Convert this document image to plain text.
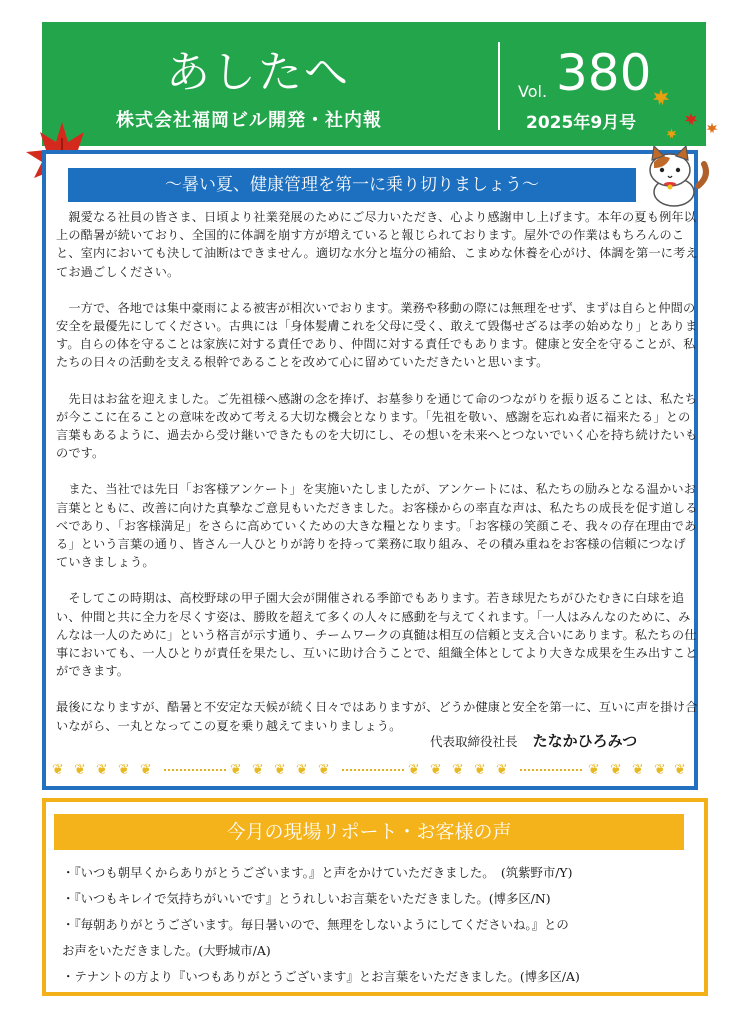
あしたへ
株式会社福岡ビル開発・社内報
Vol. 380
2025年9月号
～暑い夏、健康管理を第一に乗り切りましょう～

　親愛なる社員の皆さま、日頃より社業発展のためにご尽力いただき、心より感謝申し上げます。本年の夏も例年以上の酷暑が続いており、全国的に体調を崩す方が増えていると報じられております。屋外での作業はもちろんのこと、室内においても決して油断はできません。適切な水分と塩分の補給、こまめな休養を心がけ、体調を第一に考えてお過ごしください。

　一方で、各地では集中豪雨による被害が相次いでおります。業務や移動の際には無理をせず、まずは自らと仲間の安全を最優先にしてください。古典には「身体髪膚これを父母に受く、敢えて毀傷せざるは孝の始めなり」とあります。自らの体を守ることは家族に対する責任であり、仲間に対する責任でもあります。健康と安全を守ることが、私たちの日々の活動を支える根幹であることを改めて心に留めていただきたいと思います。

　先日はお盆を迎えました。ご先祖様へ感謝の念を捧げ、お墓参りを通じて命のつながりを振り返ることは、私たちが今ここに在ることの意味を改めて考える大切な機会となります。「先祖を敬い、感謝を忘れぬ者に福来たる」との言葉もあるように、過去から受け継いできたものを大切にし、その想いを未来へとつないでいく心を持ち続けたいものです。

　また、当社では先日「お客様アンケート」を実施いたしましたが、アンケートには、私たちの励みとなる温かいお言葉とともに、改善に向けた真摯なご意見もいただきました。お客様からの率直な声は、私たちの成長を促す道しるべであり、「お客様満足」をさらに高めていくための大きな糧となります。「お客様の笑顔こそ、我々の存在理由である」という言葉の通り、皆さん一人ひとりが誇りを持って業務に取り組み、その積み重ねをお客様の信頼につなげていきましょう。

　そしてこの時期は、高校野球の甲子園大会が開催される季節でもあります。若き球児たちがひたむきに白球を追い、仲間と共に全力を尽くす姿は、勝敗を超えて多くの人々に感動を与えてくれます。「一人はみんなのために、みんなは一人のために」という格言が示す通り、チームワークの真髄は相互の信頼と支え合いにあります。私たちの仕事においても、一人ひとりが責任を果たし、互いに助け合うことで、組織全体としてより大きな成果を生み出すことができます。

最後になりますが、酷暑と不安定な天候が続く日々ではありますが、どうか健康と安全を第一に、互いに声を掛け合いながら、一丸となってこの夏を乗り越えてまいりましょう。

代表取締役社長 たなかひろみつ
❦ ❦ ❦ ❦ ❦	❦ ❦ ❦ ❦ ❦	❦ ❦ ❦ ❦ ❦	❦ ❦ ❦ ❦ ❦
今月の現場リポート・お客様の声
・『いつも朝早くからありがとうございます。』と声をかけていただきました。　(筑紫野市/Y)
・『いつもキレイで気持ちがいいです』とうれしいお言葉をいただきました。(博多区/N)
・『毎朝ありがとうございます。毎日暑いので、無理をしないようにしてくださいね。』との
お声をいただきました。(大野城市/A)
・テナントの方より『いつもありがとうございます』とお言葉をいただきました。(博多区/A)
